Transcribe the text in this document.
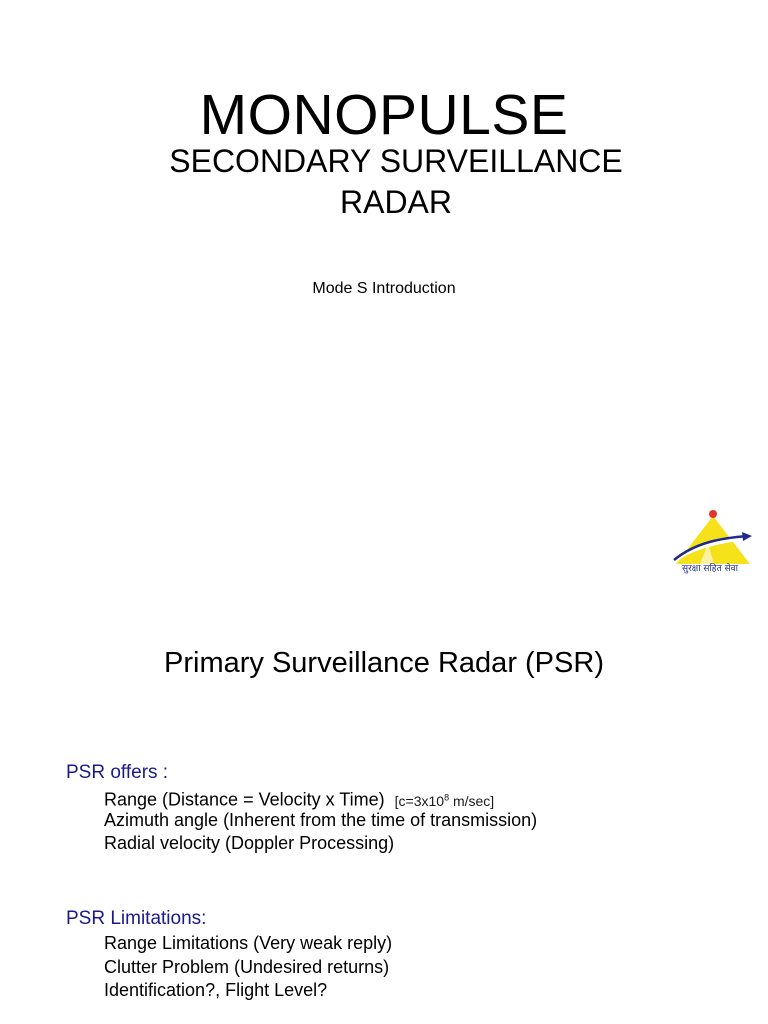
MONOPULSE
SECONDARY SURVEILLANCE
RADAR
Mode S Introduction
सुरक्षा सहित सेवा
Primary Surveillance Radar (PSR)
PSR offers :
Range (Distance = Velocity x Time) [$c=3x10^8$ m/sec]
Azimuth angle (Inherent from the time of transmission)
Radial velocity (Doppler Processing)
PSR Limitations:
Range Limitations (Very weak reply)
Clutter Problem (Undesired returns)
Identification?, Flight Level?
